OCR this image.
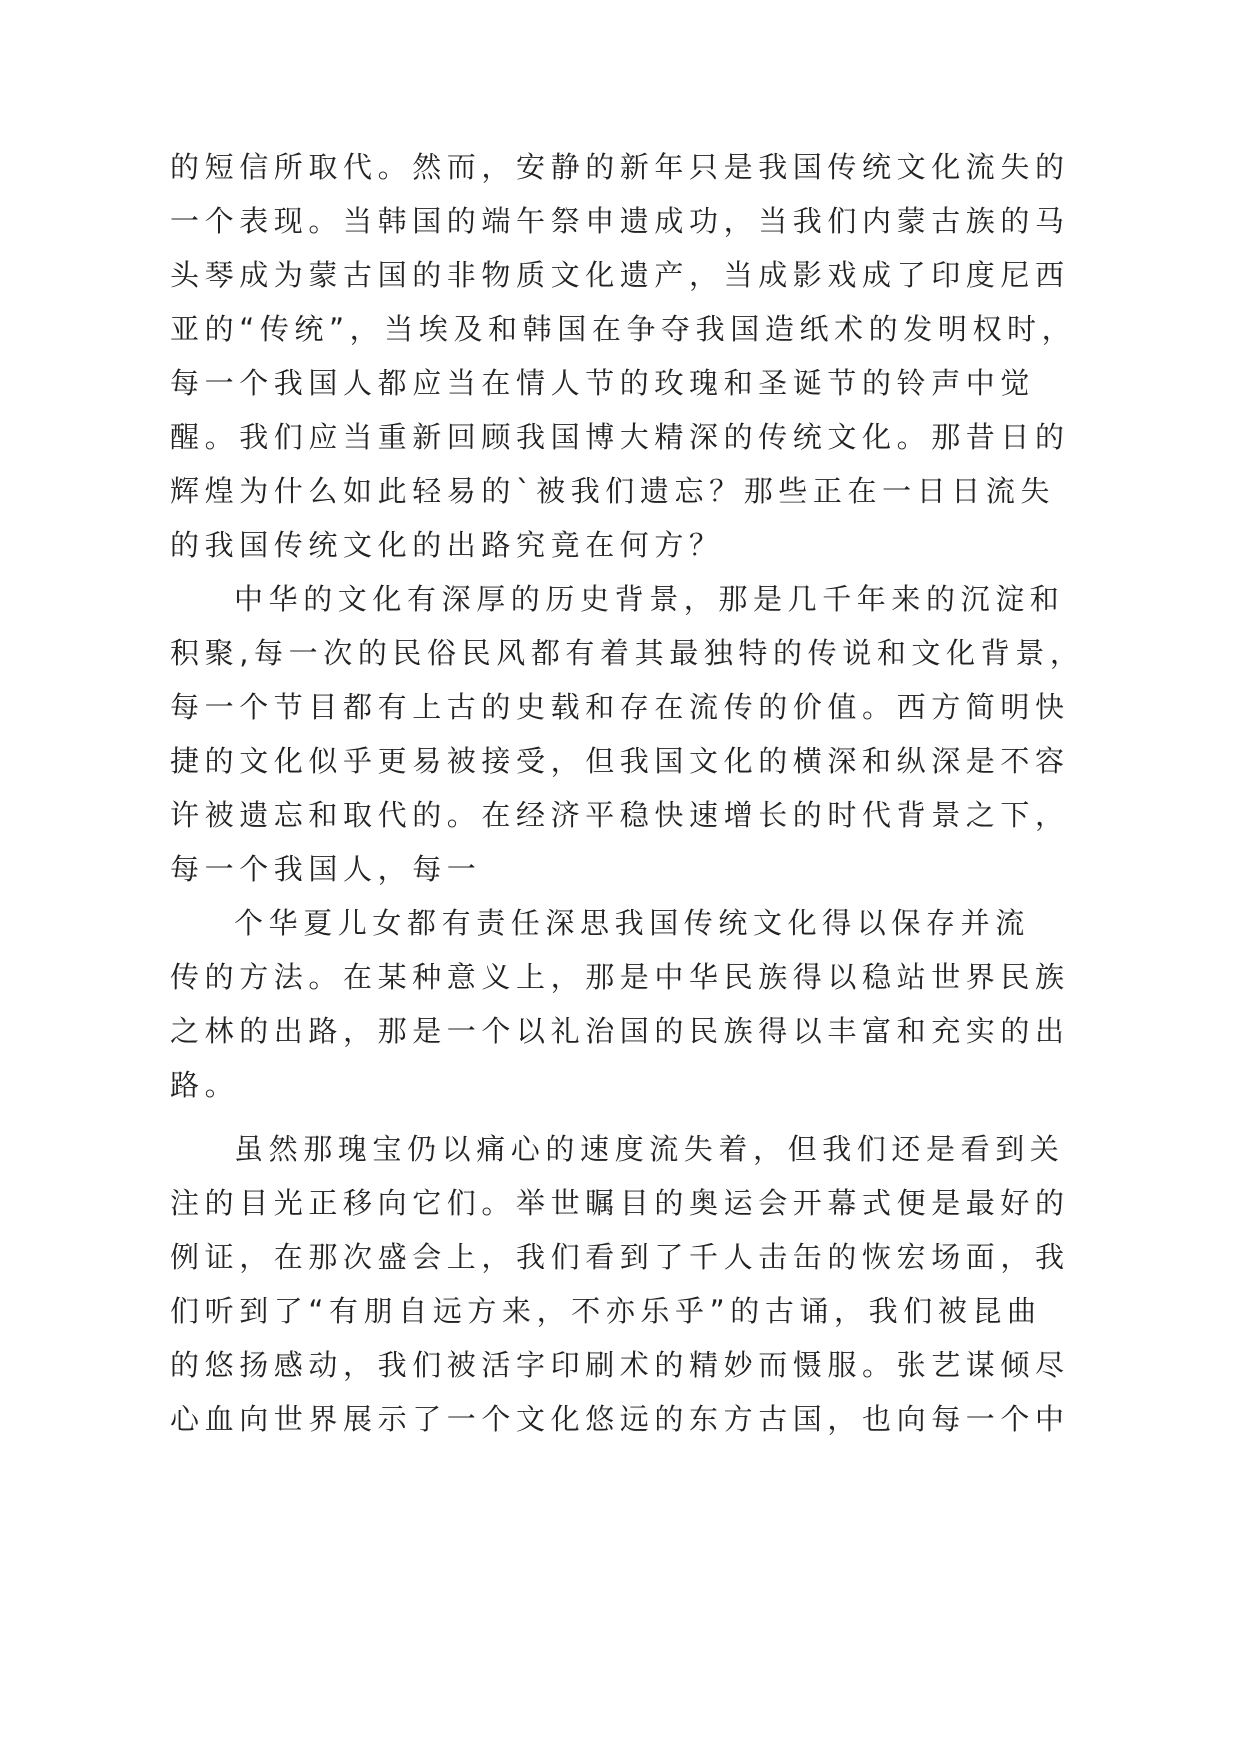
的短信所取代。然而，安静的新年只是我国传统文化流失的
一个表现。当韩国的端午祭申遗成功，当我们内蒙古族的马
头琴成为蒙古国的非物质文化遗产，当成影戏成了印度尼西
亚的“传统”，当埃及和韩国在争夺我国造纸术的发明权时，
每一个我国人都应当在情人节的玫瑰和圣诞节的铃声中觉
醒。我们应当重新回顾我国博大精深的传统文化。那昔日的
辉煌为什么如此轻易的`被我们遗忘？那些正在一日日流失
的我国传统文化的出路究竟在何方？
中华的文化有深厚的历史背景，那是几千年来的沉淀和
积聚,每一次的民俗民风都有着其最独特的传说和文化背景，
每一个节目都有上古的史载和存在流传的价值。西方简明快
捷的文化似乎更易被接受，但我国文化的横深和纵深是不容
许被遗忘和取代的。在经济平稳快速增长的时代背景之下，
每一个我国人，每一
个华夏儿女都有责任深思我国传统文化得以保存并流
传的方法。在某种意义上，那是中华民族得以稳站世界民族
之林的出路，那是一个以礼治国的民族得以丰富和充实的出
路。
虽然那瑰宝仍以痛心的速度流失着，但我们还是看到关
注的目光正移向它们。举世瞩目的奥运会开幕式便是最好的
例证，在那次盛会上，我们看到了千人击缶的恢宏场面，我
们听到了“有朋自远方来，不亦乐乎”的古诵，我们被昆曲
的悠扬感动，我们被活字印刷术的精妙而慑服。张艺谋倾尽
心血向世界展示了一个文化悠远的东方古国，也向每一个中
